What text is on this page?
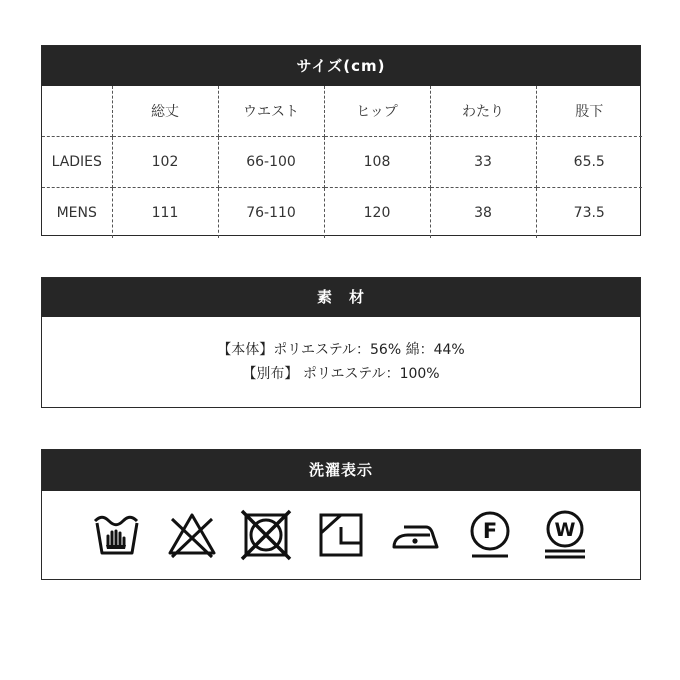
サイズ(cm)
	総丈	ウエスト	ヒップ	わたり	股下
LADIES	102	66-100	108	33	65.5
MENS	111	76-110	120	38	73.5
素　材
【本体】ポリエステル：56% 綿：44%
【別布】 ポリエステル：100%
洗濯表示
F	W
